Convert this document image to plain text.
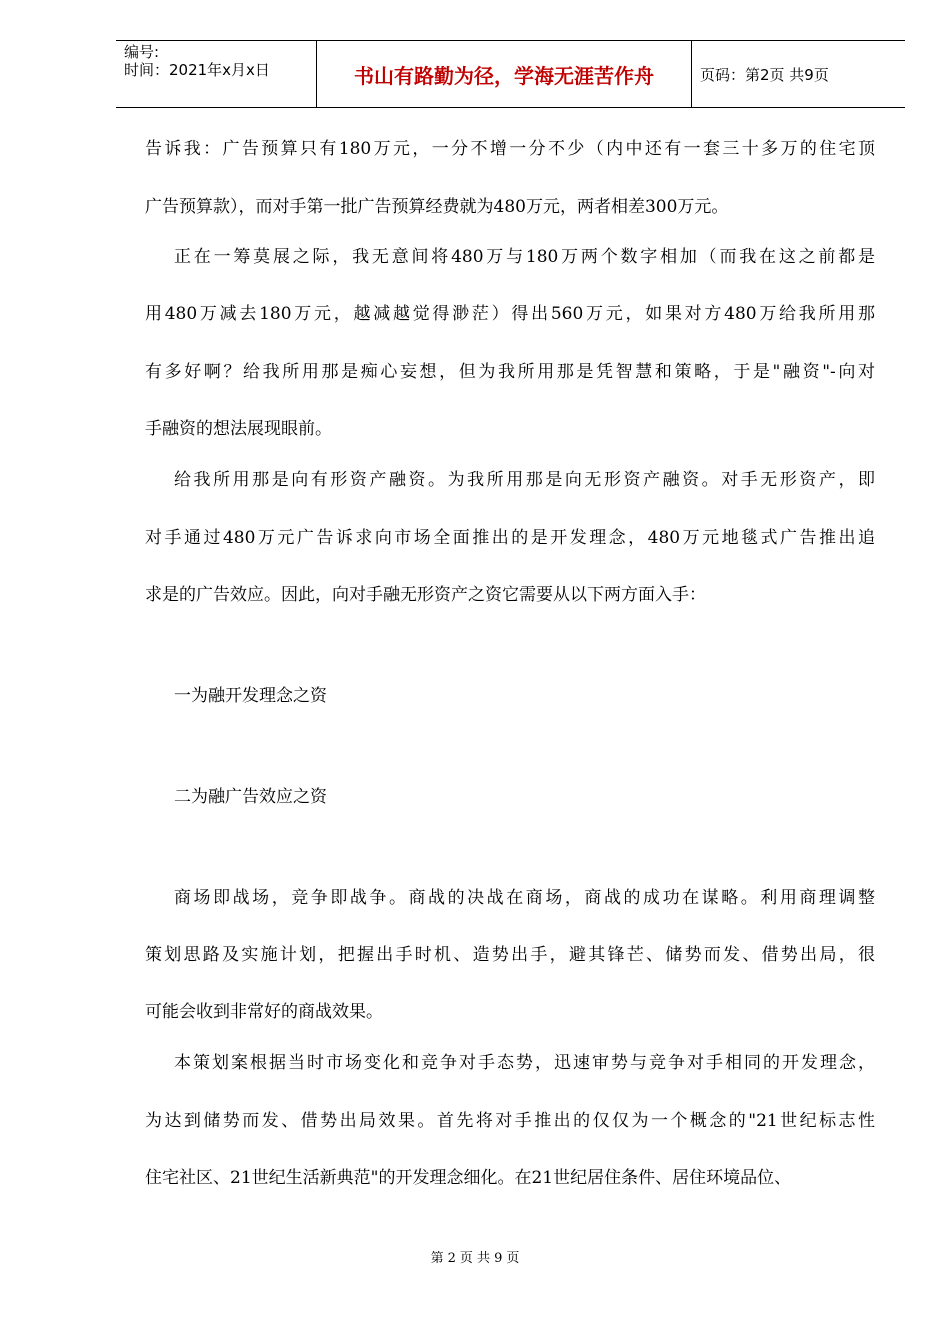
编号:
时间：2021年x月x日	书山有路勤为径，学海无涯苦作舟	页码：第2页 共9页
告诉我：广告预算只有180万元，一分不增一分不少（内中还有一套三十多万的住宅顶
广告预算款），而对手第一批广告预算经费就为480万元，两者相差300万元。
正在一筹莫展之际，我无意间将480万与180万两个数字相加（而我在这之前都是
用480万减去180万元，越减越觉得渺茫）得出560万元，如果对方480万给我所用那
有多好啊？给我所用那是痴心妄想，但为我所用那是凭智慧和策略，于是"融资"-向对
手融资的想法展现眼前。
给我所用那是向有形资产融资。为我所用那是向无形资产融资。对手无形资产，即
对手通过480万元广告诉求向市场全面推出的是开发理念，480万元地毯式广告推出追
求是的广告效应。因此，向对手融无形资产之资它需要从以下两方面入手：
一为融开发理念之资
二为融广告效应之资
商场即战场，竞争即战争。商战的决战在商场，商战的成功在谋略。利用商理调整
策划思路及实施计划，把握出手时机、造势出手，避其锋芒、储势而发、借势出局，很
可能会收到非常好的商战效果。
本策划案根据当时市场变化和竞争对手态势，迅速审势与竞争对手相同的开发理念，
为达到储势而发、借势出局效果。首先将对手推出的仅仅为一个概念的"21世纪标志性
住宅社区、21世纪生活新典范"的开发理念细化。在21世纪居住条件、居住环境品位、
第 2 页 共 9 页
